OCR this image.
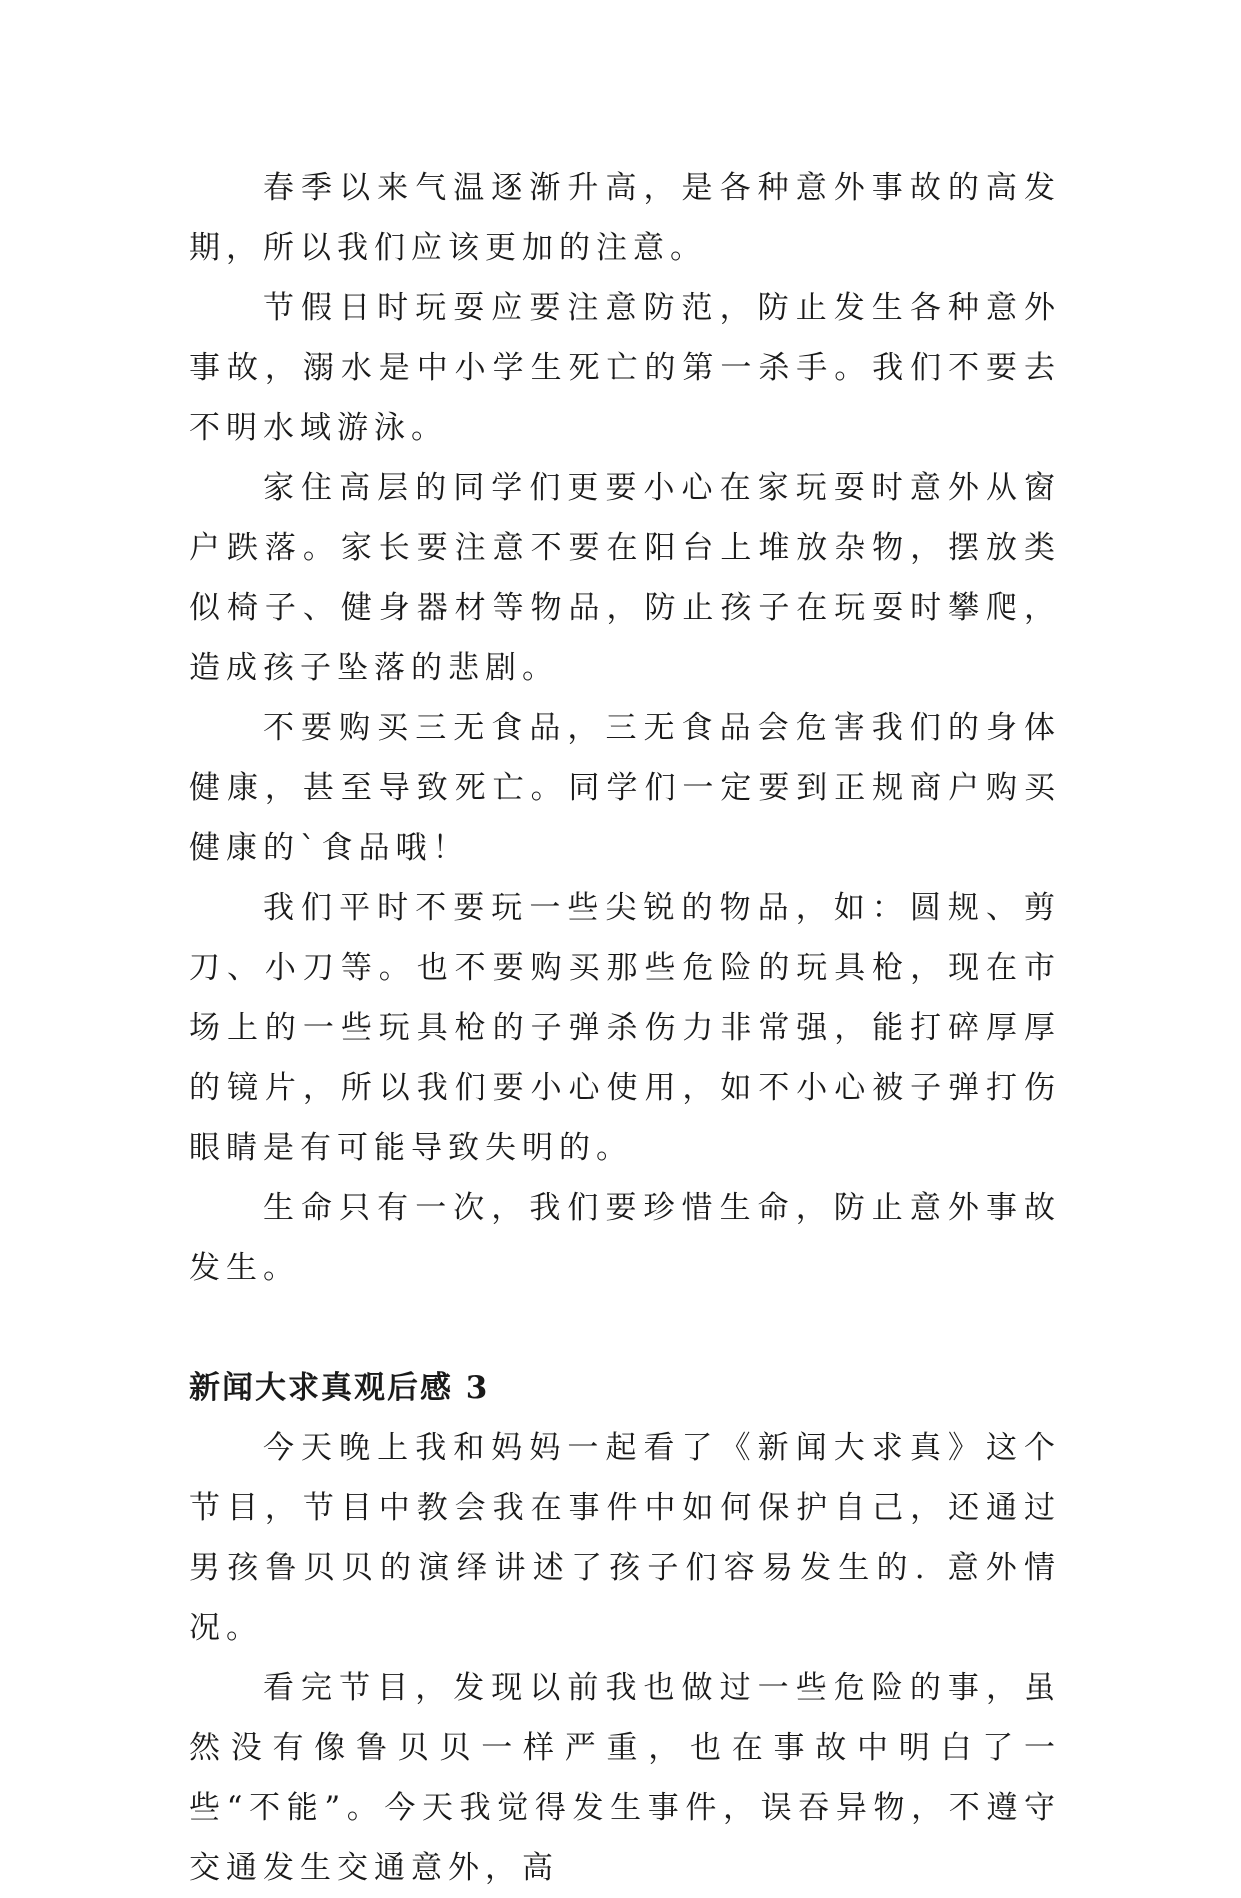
春季以来气温逐渐升高，是各种意外事故的高发期，所以我们应该更加的注意。

节假日时玩耍应要注意防范，防止发生各种意外事故，溺水是中小学生死亡的第一杀手。我们不要去不明水域游泳。

家住高层的同学们更要小心在家玩耍时意外从窗户跌落。家长要注意不要在阳台上堆放杂物，摆放类似椅子、健身器材等物品，防止孩子在玩耍时攀爬，造成孩子坠落的悲剧。

不要购买三无食品，三无食品会危害我们的身体健康，甚至导致死亡。同学们一定要到正规商户购买健康的`食品哦！

我们平时不要玩一些尖锐的物品，如：圆规、剪刀、小刀等。也不要购买那些危险的玩具枪，现在市场上的一些玩具枪的子弹杀伤力非常强，能打碎厚厚的镜片，所以我们要小心使用，如不小心被子弹打伤眼睛是有可能导致失明的。

生命只有一次，我们要珍惜生命，防止意外事故发生。

新闻大求真观后感 3

今天晚上我和妈妈一起看了《新闻大求真》这个节目，节目中教会我在事件中如何保护自己，还通过男孩鲁贝贝的演绎讲述了孩子们容易发生的. 意外情况。

看完节目，发现以前我也做过一些危险的事，虽然没有像鲁贝贝一样严重，也在事故中明白了一些“不能”。今天我觉得发生事件，误吞异物，不遵守交通发生交通意外，高
